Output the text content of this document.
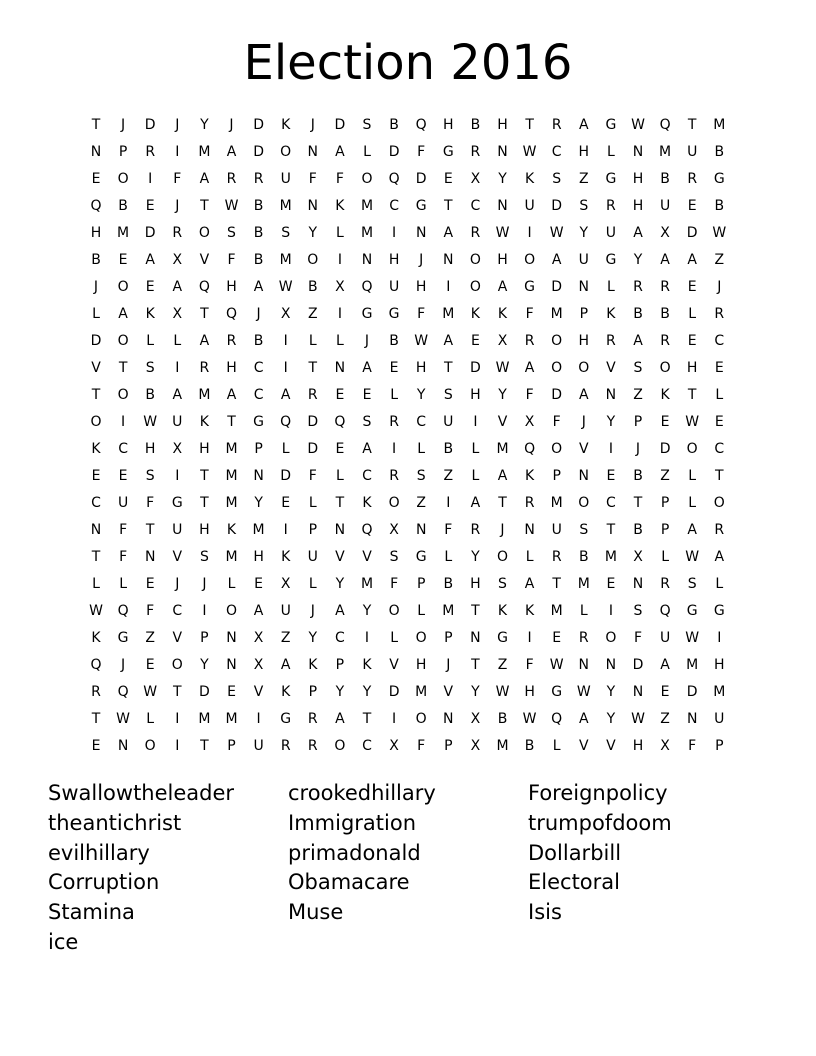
Election 2016
T	J	D	J	Y	J	D	K	J	D	S	B	Q	H	B	H	T	R	A	G	W	Q	T	M
N	P	R	I	M	A	D	O	N	A	L	D	F	G	R	N	W	C	H	L	N	M	U	B
E	O	I	F	A	R	R	U	F	F	O	Q	D	E	X	Y	K	S	Z	G	H	B	R	G
Q	B	E	J	T	W	B	M	N	K	M	C	G	T	C	N	U	D	S	R	H	U	E	B
H	M	D	R	O	S	B	S	Y	L	M	I	N	A	R	W	I	W	Y	U	A	X	D	W
B	E	A	X	V	F	B	M	O	I	N	H	J	N	O	H	O	A	U	G	Y	A	A	Z
J	O	E	A	Q	H	A	W	B	X	Q	U	H	I	O	A	G	D	N	L	R	R	E	J
L	A	K	X	T	Q	J	X	Z	I	G	G	F	M	K	K	F	M	P	K	B	B	L	R
D	O	L	L	A	R	B	I	L	L	J	B	W	A	E	X	R	O	H	R	A	R	E	C
V	T	S	I	R	H	C	I	T	N	A	E	H	T	D	W	A	O	O	V	S	O	H	E
T	O	B	A	M	A	C	A	R	E	E	L	Y	S	H	Y	F	D	A	N	Z	K	T	L
O	I	W	U	K	T	G	Q	D	Q	S	R	C	U	I	V	X	F	J	Y	P	E	W	E
K	C	H	X	H	M	P	L	D	E	A	I	L	B	L	M	Q	O	V	I	J	D	O	C
E	E	S	I	T	M	N	D	F	L	C	R	S	Z	L	A	K	P	N	E	B	Z	L	T
C	U	F	G	T	M	Y	E	L	T	K	O	Z	I	A	T	R	M	O	C	T	P	L	O
N	F	T	U	H	K	M	I	P	N	Q	X	N	F	R	J	N	U	S	T	B	P	A	R
T	F	N	V	S	M	H	K	U	V	V	S	G	L	Y	O	L	R	B	M	X	L	W	A
L	L	E	J	J	L	E	X	L	Y	M	F	P	B	H	S	A	T	M	E	N	R	S	L
W	Q	F	C	I	O	A	U	J	A	Y	O	L	M	T	K	K	M	L	I	S	Q	G	G
K	G	Z	V	P	N	X	Z	Y	C	I	L	O	P	N	G	I	E	R	O	F	U	W	I
Q	J	E	O	Y	N	X	A	K	P	K	V	H	J	T	Z	F	W	N	N	D	A	M	H
R	Q	W	T	D	E	V	K	P	Y	Y	D	M	V	Y	W	H	G	W	Y	N	E	D	M
T	W	L	I	M	M	I	G	R	A	T	I	O	N	X	B	W	Q	A	Y	W	Z	N	U
E	N	O	I	T	P	U	R	R	O	C	X	F	P	X	M	B	L	V	V	H	X	F	P
Swallowtheleader	crookedhillary	Foreignpolicy
theantichrist	Immigration	trumpofdoom
evilhillary	primadonald	Dollarbill
Corruption	Obamacare	Electoral
Stamina	Muse	Isis
ice
